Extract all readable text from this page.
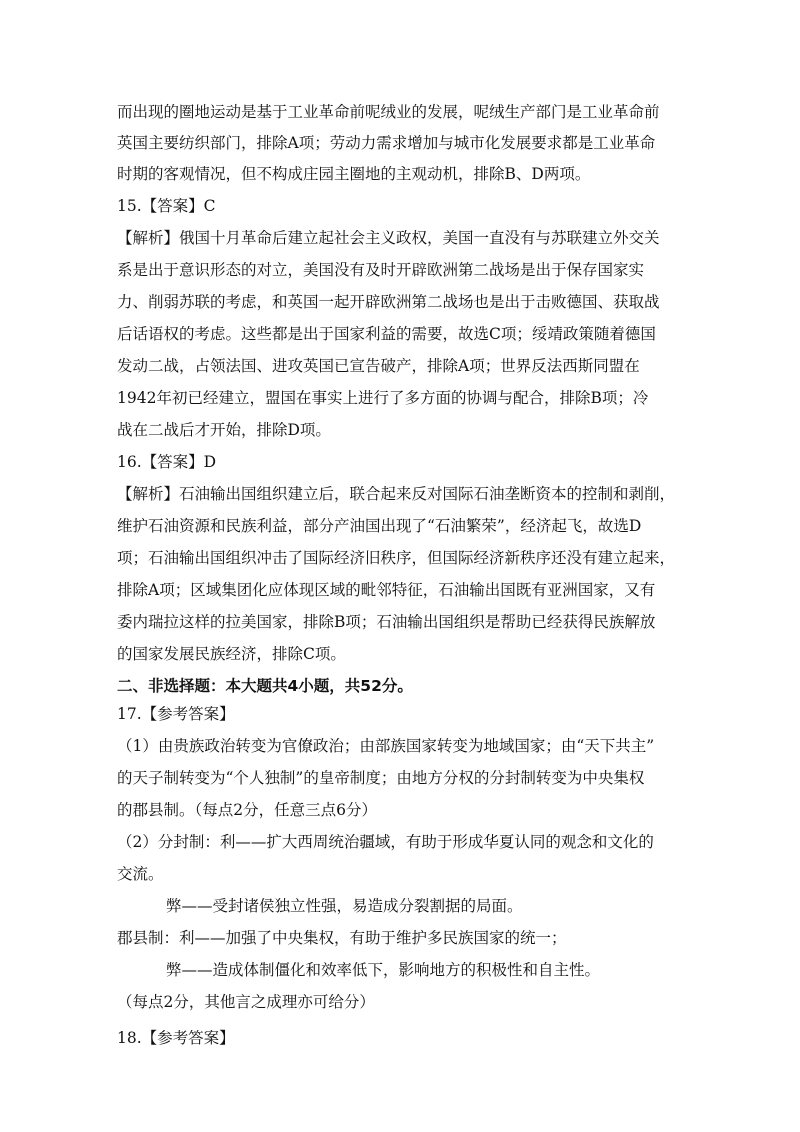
而出现的圈地运动是基于工业革命前呢绒业的发展，呢绒生产部门是工业革命前
英国主要纺织部门，排除A项；劳动力需求增加与城市化发展要求都是工业革命
时期的客观情况，但不构成庄园主圈地的主观动机，排除B、D两项。
15.【答案】C
【解析】俄国十月革命后建立起社会主义政权，美国一直没有与苏联建立外交关
系是出于意识形态的对立，美国没有及时开辟欧洲第二战场是出于保存国家实
力、削弱苏联的考虑，和英国一起开辟欧洲第二战场也是出于击败德国、获取战
后话语权的考虑。这些都是出于国家利益的需要，故选C项；绥靖政策随着德国
发动二战，占领法国、进攻英国已宣告破产，排除A项；世界反法西斯同盟在
1942年初已经建立，盟国在事实上进行了多方面的协调与配合，排除B项；冷
战在二战后才开始，排除D项。
16.【答案】D
【解析】石油输出国组织建立后，联合起来反对国际石油垄断资本的控制和剥削，
维护石油资源和民族利益，部分产油国出现了“石油繁荣”，经济起飞，故选D
项；石油输出国组织冲击了国际经济旧秩序，但国际经济新秩序还没有建立起来，
排除A项；区域集团化应体现区域的毗邻特征，石油输出国既有亚洲国家，又有
委内瑞拉这样的拉美国家，排除B项；石油输出国组织是帮助已经获得民族解放
的国家发展民族经济，排除C项。
二、非选择题：本大题共4小题，共52分。
17.【参考答案】
（1）由贵族政治转变为官僚政治；由部族国家转变为地域国家；由“天下共主”
的天子制转变为“个人独制”的皇帝制度；由地方分权的分封制转变为中央集权
的郡县制。（每点2分，任意三点6分）
（2）分封制：利——扩大西周统治疆域，有助于形成华夏认同的观念和文化的
交流。
弊——受封诸侯独立性强，易造成分裂割据的局面。
郡县制：利——加强了中央集权，有助于维护多民族国家的统一；
弊——造成体制僵化和效率低下，影响地方的积极性和自主性。
（每点2分，其他言之成理亦可给分）
18.【参考答案】
